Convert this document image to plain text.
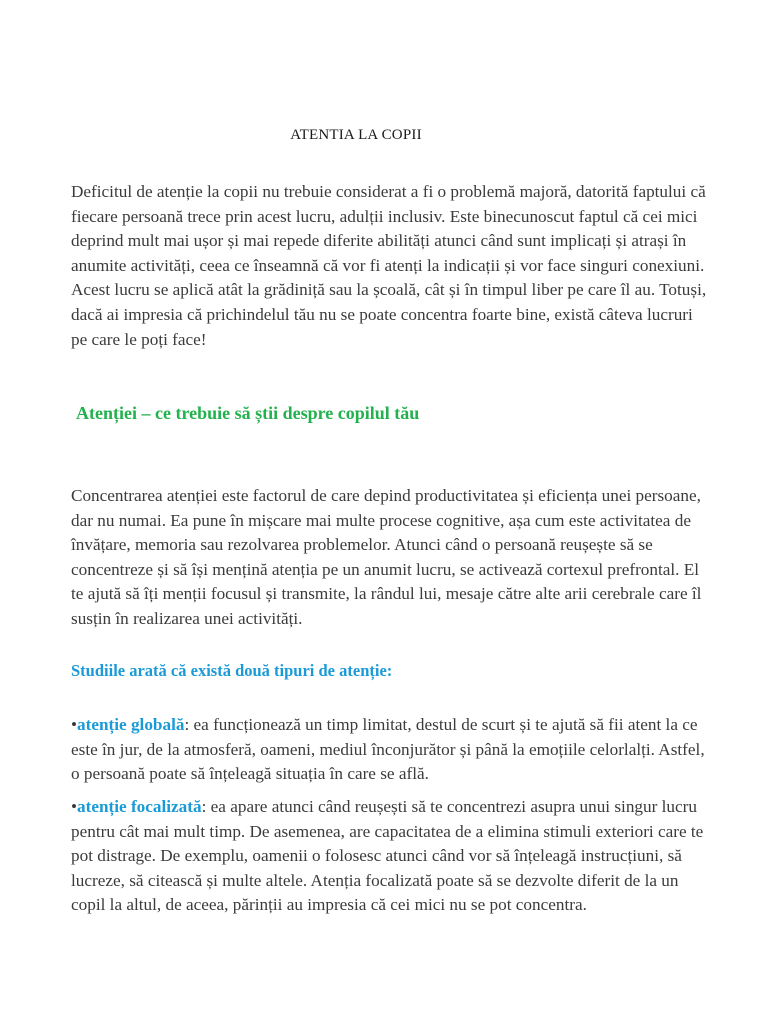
ATENTIA LA COPII

Deficitul de atenție la copii nu trebuie considerat a fi o problemă majoră, datorită faptului că fiecare persoană trece prin acest lucru, adulții inclusiv. Este binecunoscut faptul că cei mici deprind mult mai ușor și mai repede diferite abilități atunci când sunt implicați și atrași în anumite activități, ceea ce înseamnă că vor fi atenți la indicații și vor face singuri conexiuni. Acest lucru se aplică atât la grădiniță sau la școală, cât și în timpul liber pe care îl au. Totuși, dacă ai impresia că prichindelul tău nu se poate concentra foarte bine, există câteva lucruri pe care le poți face!

Atenției – ce trebuie să știi despre copilul tău

Concentrarea atenției este factorul de care depind productivitatea și eficiența unei persoane, dar nu numai. Ea pune în mișcare mai multe procese cognitive, așa cum este activitatea de învățare, memoria sau rezolvarea problemelor. Atunci când o persoană reușește să se concentreze și să își mențină atenția pe un anumit lucru, se activează cortexul prefrontal. El te ajută să îți menții focusul și transmite, la rândul lui, mesaje către alte arii cerebrale care îl susțin în realizarea unei activități.

Studiile arată că există două tipuri de atenție:

•atenție globală: ea funcționează un timp limitat, destul de scurt și te ajută să fii atent la ce este în jur, de la atmosferă, oameni, mediul înconjurător și până la emoțiile celorlalți. Astfel, o persoană poate să înțeleagă situația în care se află.

•atenție focalizată: ea apare atunci când reușești să te concentrezi asupra unui singur lucru pentru cât mai mult timp. De asemenea, are capacitatea de a elimina stimuli exteriori care te pot distrage. De exemplu, oamenii o folosesc atunci când vor să înțeleagă instrucțiuni, să lucreze, să citească și multe altele. Atenția focalizată poate să se dezvolte diferit de la un copil la altul, de aceea, părinții au impresia că cei mici nu se pot concentra.
